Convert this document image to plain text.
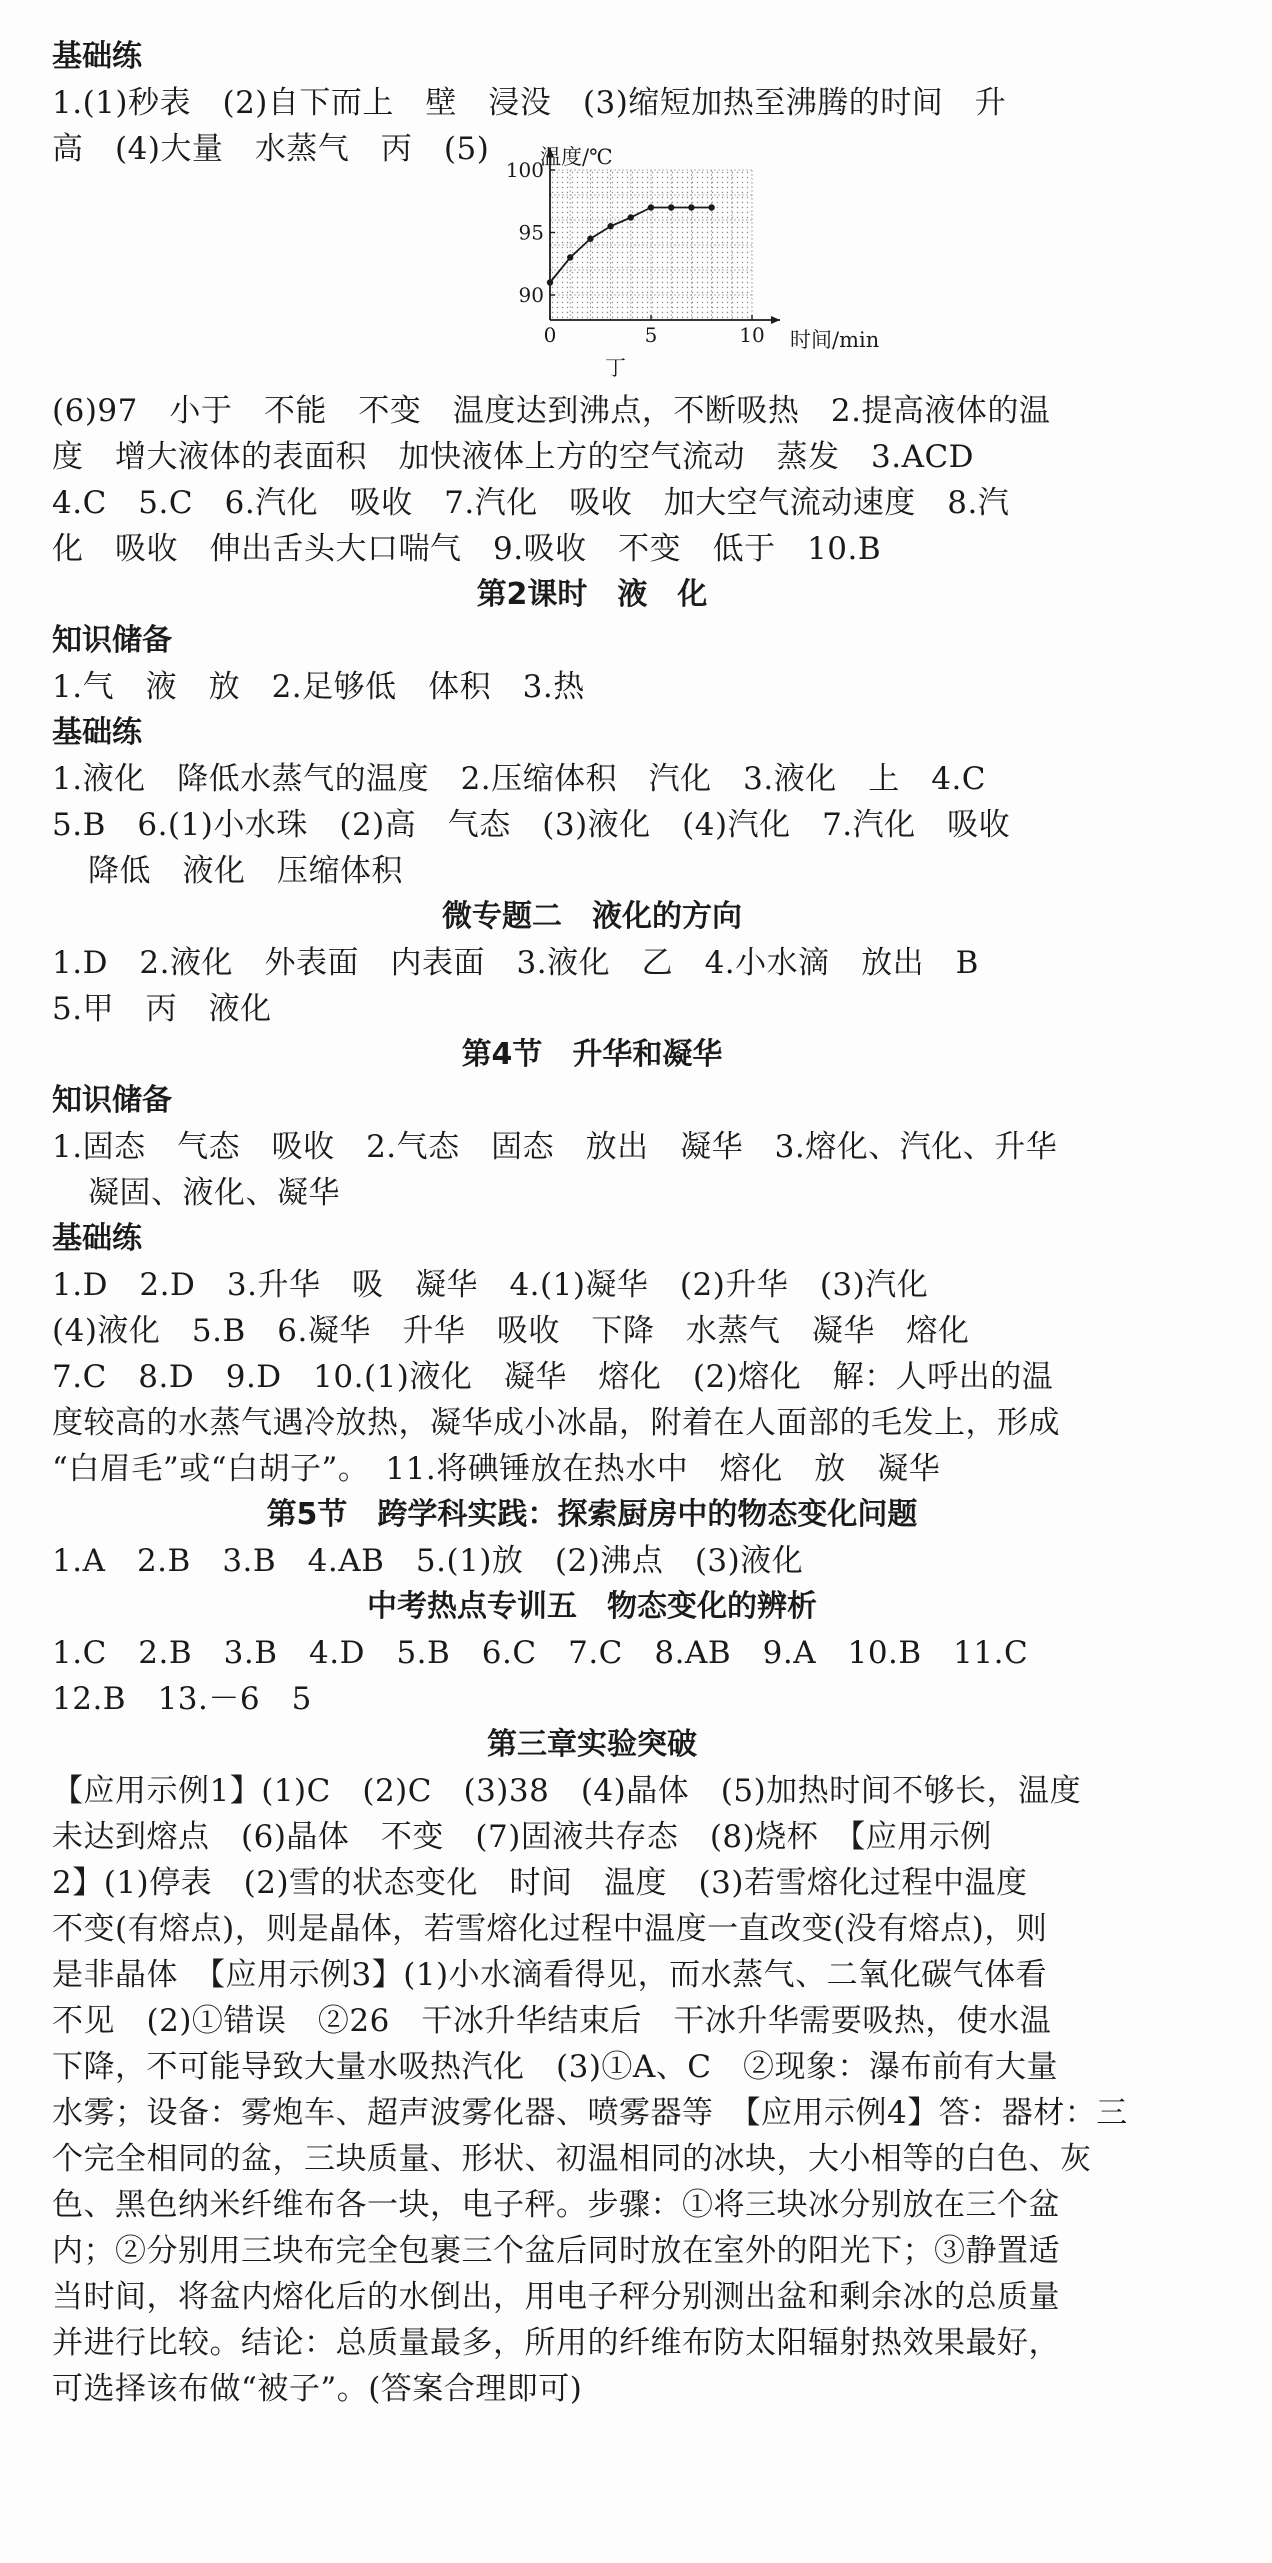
基础练
1.(1)秒表　(2)自下而上　壁　浸没　(3)缩短加热至沸腾的时间　升
高　(4)大量　水蒸气　丙　(5)
0	5	10
90
95
100
温度/℃
时间/min
丁
(6)97　小于　不能　不变　温度达到沸点，不断吸热　2.提高液体的温
度　增大液体的表面积　加快液体上方的空气流动　蒸发　3.ACD
4.C　5.C　6.汽化　吸收　7.汽化　吸收　加大空气流动速度　8.汽
化　吸收　伸出舌头大口喘气　9.吸收　不变　低于　10.B
第2课时　液　化
知识储备
1.气　液　放　2.足够低　体积　3.热
基础练
1.液化　降低水蒸气的温度　2.压缩体积　汽化　3.液化　上　4.C
5.B　6.(1)小水珠　(2)高　气态　(3)液化　(4)汽化　7.汽化　吸收
降低　液化　压缩体积
微专题二　液化的方向
1.D　2.液化　外表面　内表面　3.液化　乙　4.小水滴　放出　B
5.甲　丙　液化
第4节　升华和凝华
知识储备
1.固态　气态　吸收　2.气态　固态　放出　凝华　3.熔化、汽化、升华
凝固、液化、凝华
基础练
1.D　2.D　3.升华　吸　凝华　4.(1)凝华　(2)升华　(3)汽化
(4)液化　5.B　6.凝华　升华　吸收　下降　水蒸气　凝华　熔化
7.C　8.D　9.D　10.(1)液化　凝华　熔化　(2)熔化　解：人呼出的温
度较高的水蒸气遇冷放热，凝华成小冰晶，附着在人面部的毛发上，形成
“白眉毛”或“白胡子”。　11.将碘锤放在热水中　熔化　放　凝华
第5节　跨学科实践：探索厨房中的物态变化问题
1.A　2.B　3.B　4.AB　5.(1)放　(2)沸点　(3)液化
中考热点专训五　物态变化的辨析
1.C　2.B　3.B　4.D　5.B　6.C　7.C　8.AB　9.A　10.B　11.C
12.B　13.－6　5
第三章实验突破
【应用示例1】(1)C　(2)C　(3)38　(4)晶体　(5)加热时间不够长，温度
未达到熔点　(6)晶体　不变　(7)固液共存态　(8)烧杯　【应用示例
2】(1)停表　(2)雪的状态变化　时间　温度　(3)若雪熔化过程中温度
不变(有熔点)，则是晶体，若雪熔化过程中温度一直改变(没有熔点)，则
是非晶体　【应用示例3】(1)小水滴看得见，而水蒸气、二氧化碳气体看
不见　(2)①错误　②26　干冰升华结束后　干冰升华需要吸热，使水温
下降，不可能导致大量水吸热汽化　(3)①A、C　②现象：瀑布前有大量
水雾；设备：雾炮车、超声波雾化器、喷雾器等　【应用示例4】答：器材：三
个完全相同的盆，三块质量、形状、初温相同的冰块，大小相等的白色、灰
色、黑色纳米纤维布各一块，电子秤。步骤：①将三块冰分别放在三个盆
内；②分别用三块布完全包裹三个盆后同时放在室外的阳光下；③静置适
当时间，将盆内熔化后的水倒出，用电子秤分别测出盆和剩余冰的总质量
并进行比较。结论：总质量最多，所用的纤维布防太阳辐射热效果最好，
可选择该布做“被子”。(答案合理即可)
